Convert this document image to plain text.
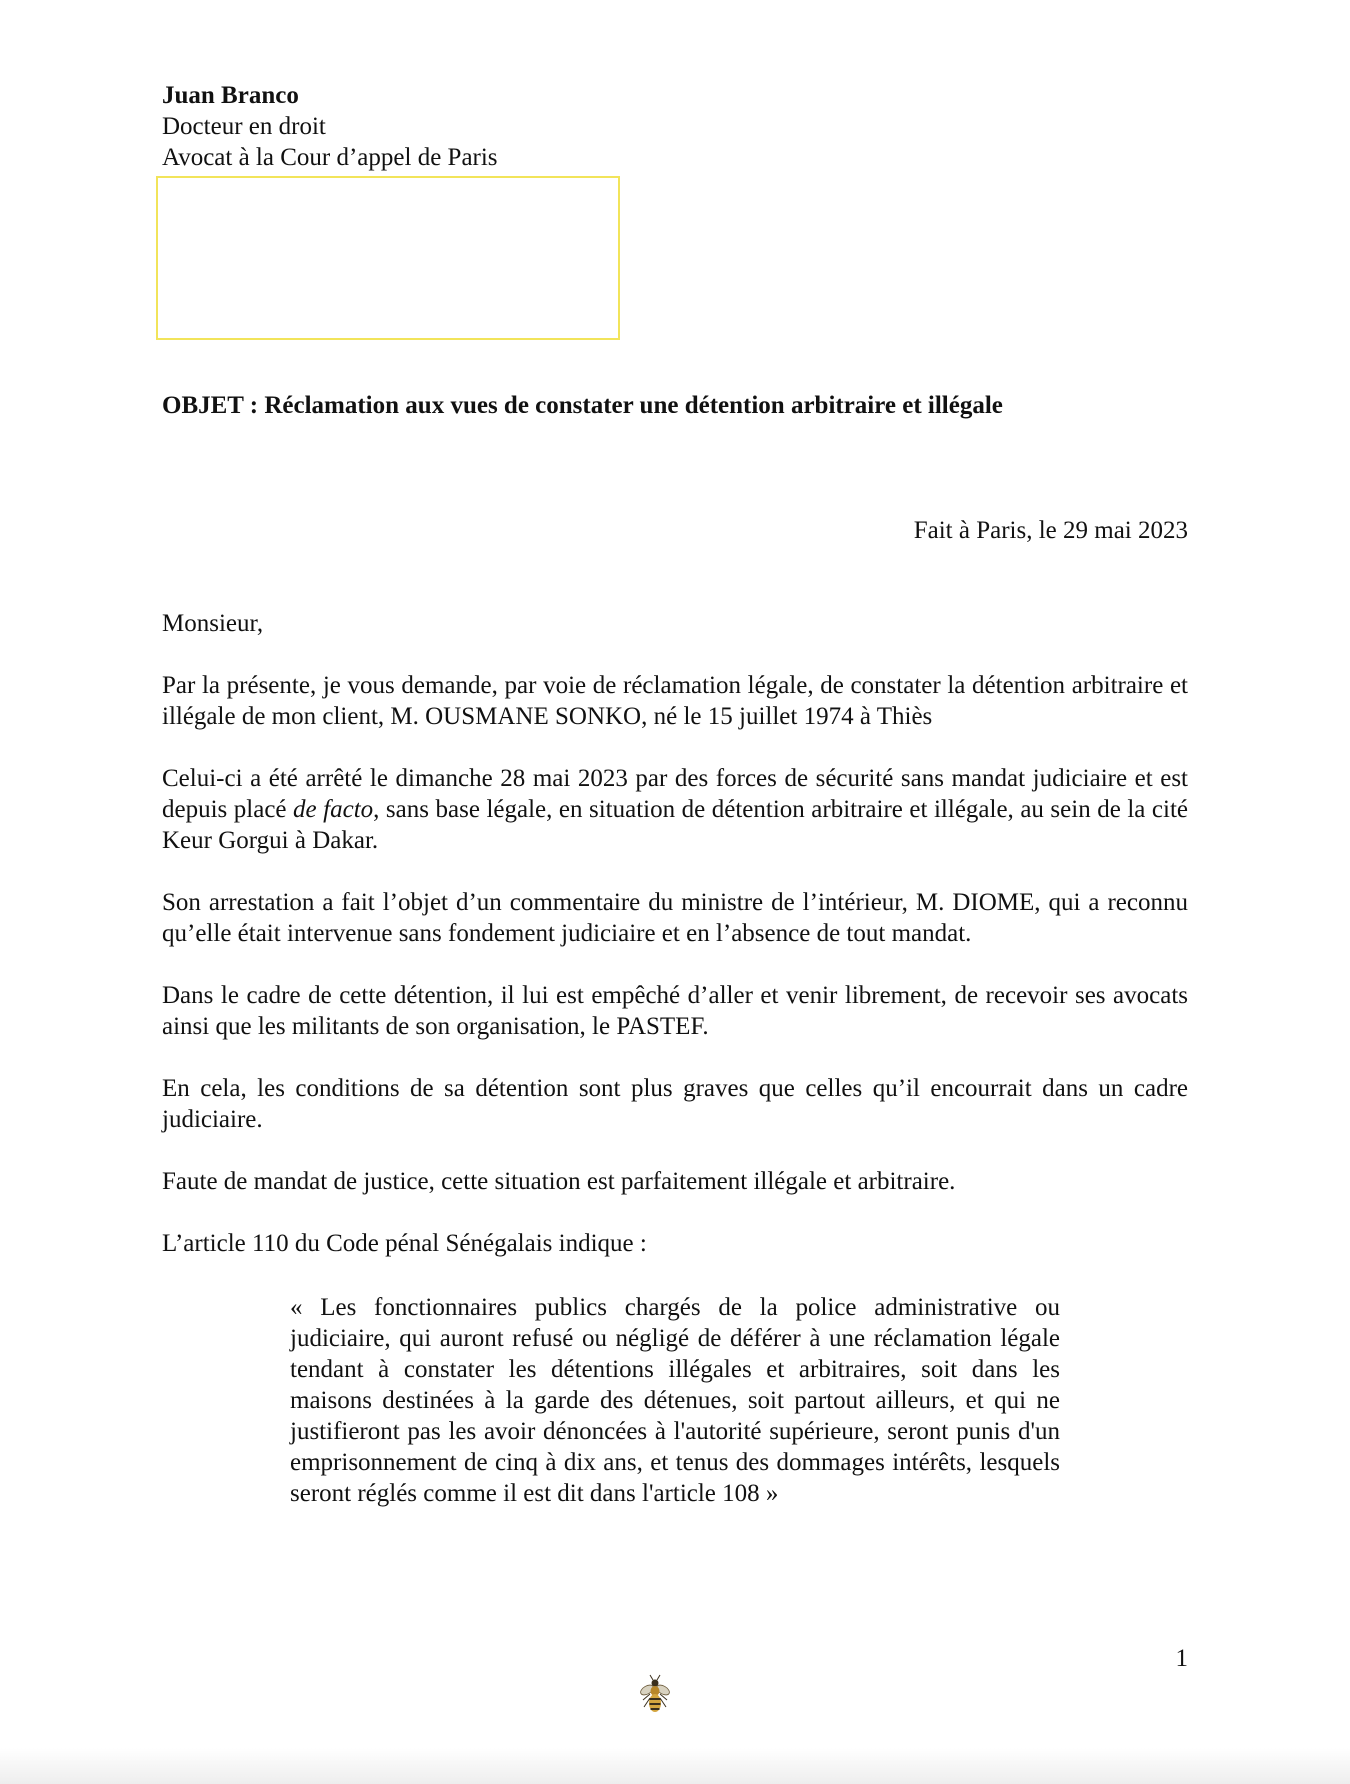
Juan Branco
Docteur en droit
Avocat à la Cour d’appel de Paris
OBJET : Réclamation aux vues de constater une détention arbitraire et illégale
Fait à Paris, le 29 mai 2023

Monsieur,

Par la présente, je vous demande, par voie de réclamation légale, de constater la détention arbitraire et illégale de mon client, M. OUSMANE SONKO, né le 15 juillet 1974 à Thiès

Celui-ci a été arrêté le dimanche 28 mai 2023 par des forces de sécurité sans mandat judiciaire et est depuis placé de facto, sans base légale, en situation de détention arbitraire et illégale, au sein de la cité Keur Gorgui à Dakar.

Son arrestation a fait l’objet d’un commentaire du ministre de l’intérieur, M. DIOME, qui a reconnu qu’elle était intervenue sans fondement judiciaire et en l’absence de tout mandat.

Dans le cadre de cette détention, il lui est empêché d’aller et venir librement, de recevoir ses avocats ainsi que les militants de son organisation, le PASTEF.

En cela, les conditions de sa détention sont plus graves que celles qu’il encourrait dans un cadre judiciaire.

Faute de mandat de justice, cette situation est parfaitement illégale et arbitraire.

L’article 110 du Code pénal Sénégalais indique :

« Les fonctionnaires publics chargés de la police administrative ou judiciaire, qui auront refusé ou négligé de déférer à une réclamation légale tendant à constater les détentions illégales et arbitraires, soit dans les maisons destinées à la garde des détenues, soit partout ailleurs, et qui ne justifieront pas les avoir dénoncées à l'autorité supérieure, seront punis d'un emprisonnement de cinq à dix ans, et tenus des dommages intérêts, lesquels seront réglés comme il est dit dans l'article 108 »
1
